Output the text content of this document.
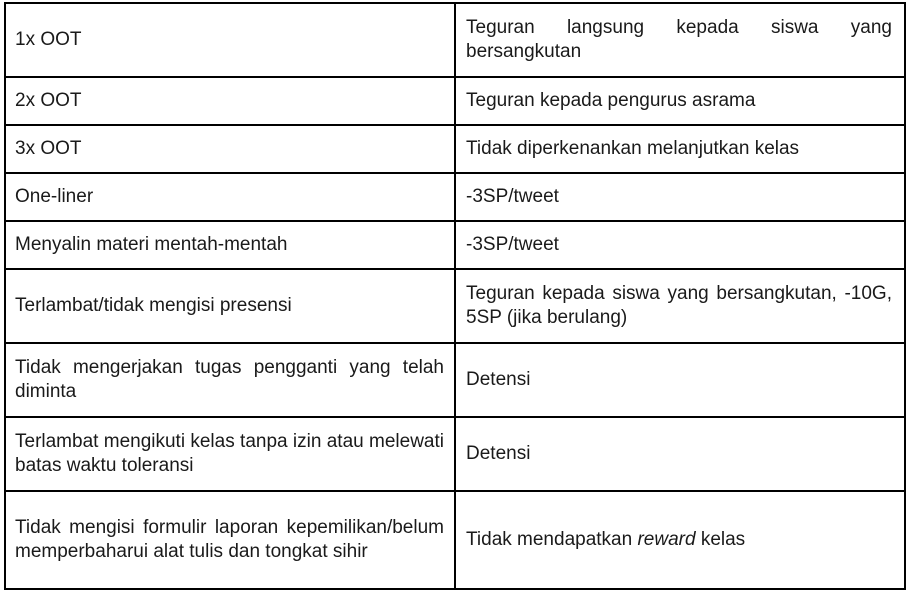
1x OOT	Teguran langsung kepada siswa yang bersangkutan
2x OOT	Teguran kepada pengurus asrama
3x OOT	Tidak diperkenankan melanjutkan kelas
One-liner	-3SP/tweet
Menyalin materi mentah-mentah	-3SP/tweet
Terlambat/tidak mengisi presensi	Teguran kepada siswa yang bersangkutan, -10G, 5SP (jika berulang)
Tidak mengerjakan tugas pengganti yang telah diminta	Detensi
Terlambat mengikuti kelas tanpa izin atau melewati batas waktu toleransi	Detensi
Tidak mengisi formulir laporan kepemilikan/belum memperbaharui alat tulis dan tongkat sihir	Tidak mendapatkan reward kelas
